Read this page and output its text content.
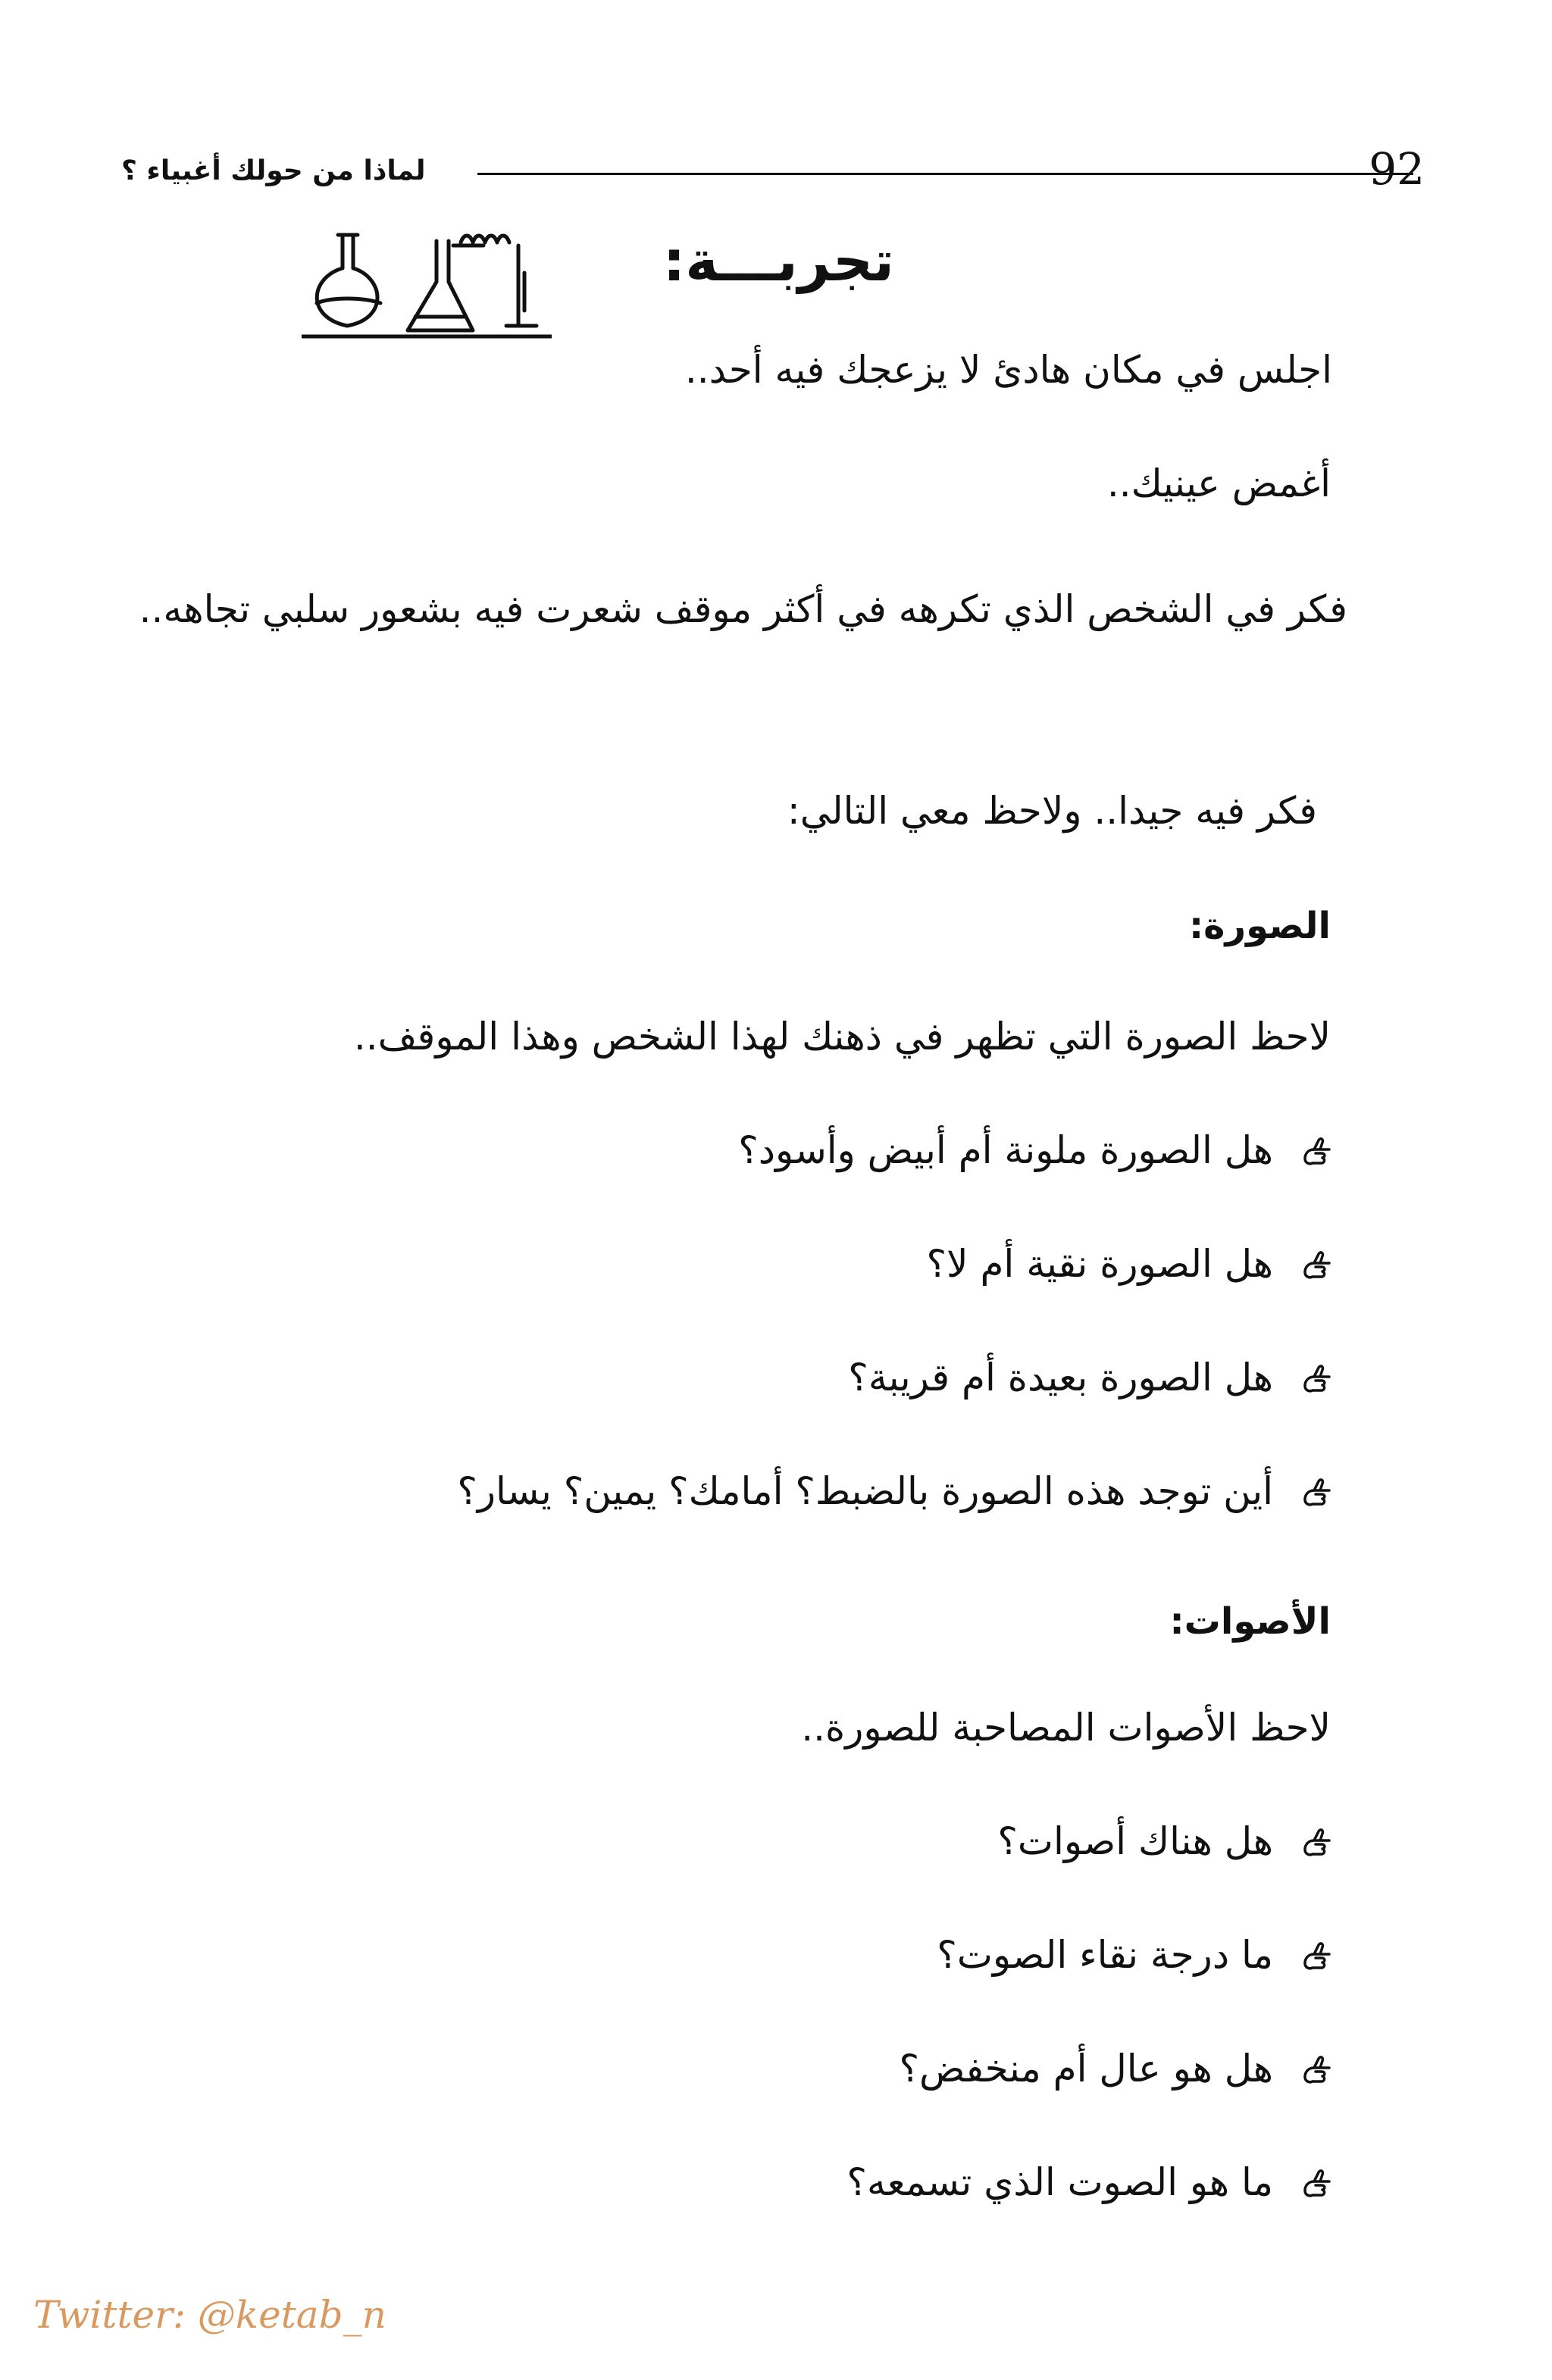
لماذا من حولك أغبياء ؟	92
تجربـــة:
اجلس في مكان هادئ لا يزعجك فيه أحد..
أغمض عينيك..
فكر في الشخص الذي تكرهه في أكثر موقف شعرت فيه بشعور سلبي تجاهه..
فكر فيه جيدا.. ولاحظ معي التالي:
الصورة:
لاحظ الصورة التي تظهر في ذهنك لهذا الشخص وهذا الموقف..
هل الصورة ملونة أم أبيض وأسود؟
هل الصورة نقية أم لا؟
هل الصورة بعيدة أم قريبة؟
أين توجد هذه الصورة بالضبط؟ أمامك؟ يمين؟ يسار؟
الأصوات:
لاحظ الأصوات المصاحبة للصورة..
هل هناك أصوات؟
ما درجة نقاء الصوت؟
هل هو عال أم منخفض؟
ما هو الصوت الذي تسمعه؟
Twitter: @ketab_n
